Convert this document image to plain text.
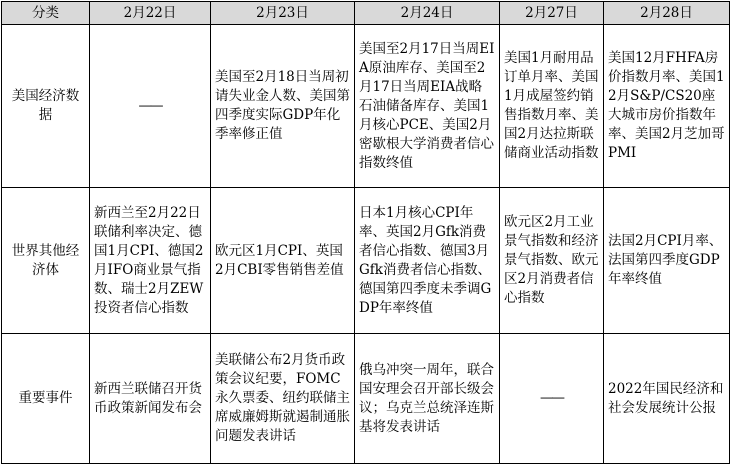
分类	2月22日	2月23日	2月24日	2月27日	2月28日
美国经济数据	——	美国至2月18日当周初请失业金人数、美国第四季度实际GDP年化季率修正值	美国至2月17日当周EIA原油库存、美国至2月17日当周EIA战略石油储备库存、美国1月核心PCE、美国2月密歇根大学消费者信心指数终值	美国1月耐用品订单月率、美国1月成屋签约销售指数月率、美国2月达拉斯联储商业活动指数	美国12月FHFA房价指数月率、美国12月S&P/CS20座大城市房价指数年率、美国2月芝加哥PMI
世界其他经济体	新西兰至2月22日联储利率决定、德国1月CPI、德国2月IFO商业景气指数、瑞士2月ZEW投资者信心指数	欧元区1月CPI、英国2月CBI零售销售差值	日本1月核心CPI年率、英国2月Gfk消费者信心指数、德国3月Gfk消费者信心指数、德国第四季度未季调GDP年率终值	欧元区2月工业景气指数和经济景气指数、欧元区2月消费者信心指数	法国2月CPI月率、法国第四季度GDP年率终值
重要事件	新西兰联储召开货币政策新闻发布会	美联储公布2月货币政策会议纪要，FOMC永久票委、纽约联储主席威廉姆斯就遏制通胀问题发表讲话	俄乌冲突一周年，联合国安理会召开部长级会议；乌克兰总统泽连斯基将发表讲话	——	2022年国民经济和社会发展统计公报
